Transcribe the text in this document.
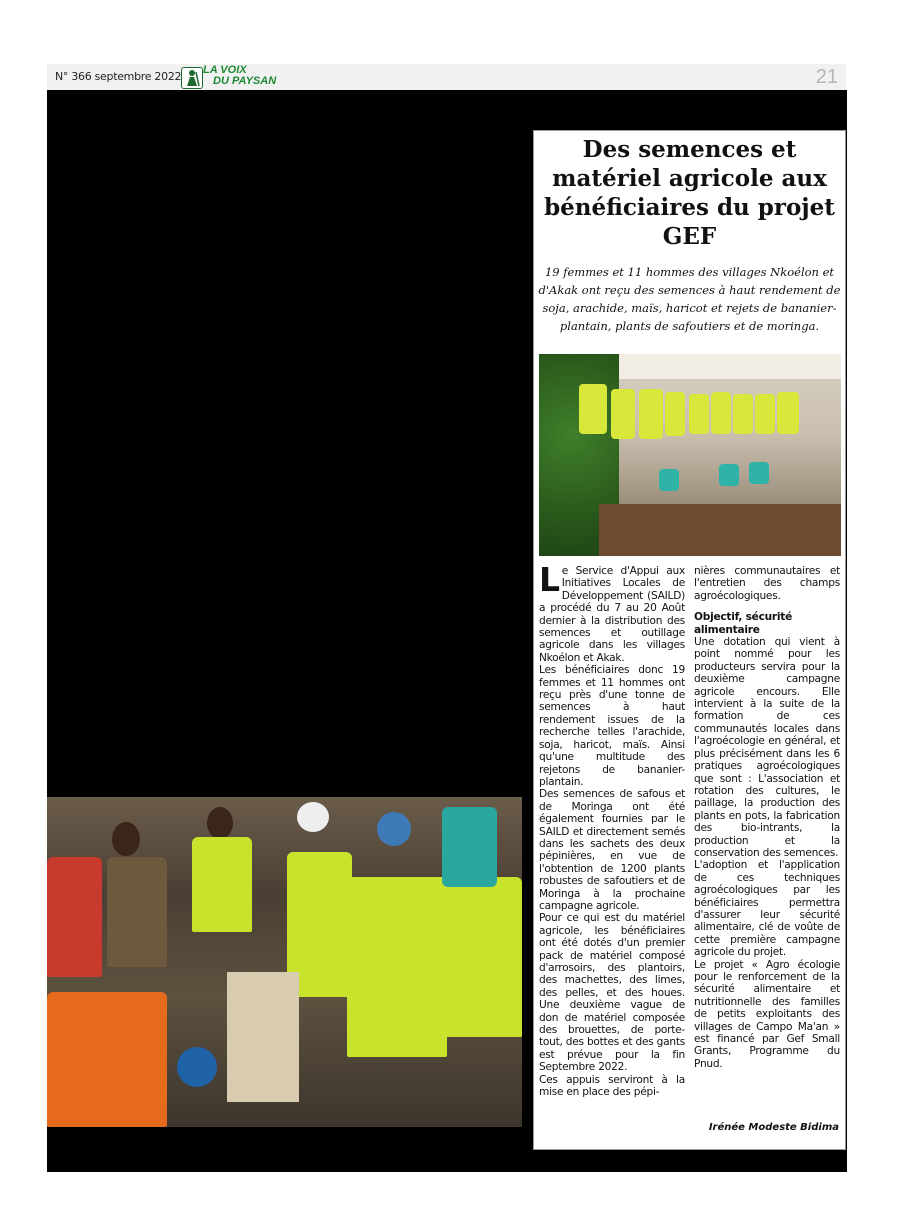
N° 366 septembre 2022 LA VOIX
DU PAYSAN	21
Des semences et matériel agricole aux bénéficiaires du projet GEF
19 femmes et 11 hommes des villages Nkoélon et d'Akak ont reçu des semences à haut rendement de soja, arachide, maïs, haricot et rejets de bananier-plantain, plants de safoutiers et de moringa.

Le Service d'Appui aux Initiatives Locales de Développement (SAILD) a procédé du 7 au 20 Août dernier à la distribution des semences et outillage agricole dans les villages Nkoélon et Akak.

Les bénéficiaires donc 19 femmes et 11 hommes ont reçu près d'une tonne de semences à haut rendement issues de la recherche telles l'arachide, soja, haricot, maïs. Ainsi qu'une multitude des rejetons de bananier-plantain.

Des semences de safous et de Moringa ont été également fournies par le SAILD et directement semés dans les sachets des deux pépinières, en vue de l'obtention de 1200 plants robustes de safoutiers et de Moringa à la prochaine campagne agricole.

Pour ce qui est du matériel agricole, les bénéficiaires ont été dotés d'un premier pack de matériel composé d'arrosoirs, des plantoirs, des machettes, des limes, des pelles, et des houes. Une deuxième vague de don de matériel composée des brouettes, de porte-tout, des bottes et des gants est prévue pour la fin Septembre 2022.

Ces appuis serviront à la mise en place des pépi-

nières communautaires et l'entretien des champs agroécologiques.

Objectif, sécurité alimentaire

Une dotation qui vient à point nommé pour les producteurs servira pour la deuxième campagne agricole encours. Elle intervient à la suite de la formation de ces communautés locales dans l'agroécologie en général, et plus précisément dans les 6 pratiques agroécologiques que sont : L'association et rotation des cultures, le paillage, la production des plants en pots, la fabrication des bio-intrants, la production et la conservation des semences.

L'adoption et l'application de ces techniques agroécologiques par les bénéficiaires permettra d'assurer leur sécurité alimentaire, clé de voûte de cette première campagne agricole du projet.

Le projet « Agro écologie pour le renforcement de la sécurité alimentaire et nutritionnelle des familles de petits exploitants des villages de Campo Ma'an » est financé par Gef Small Grants, Programme du Pnud.

Irénée Modeste Bidima
